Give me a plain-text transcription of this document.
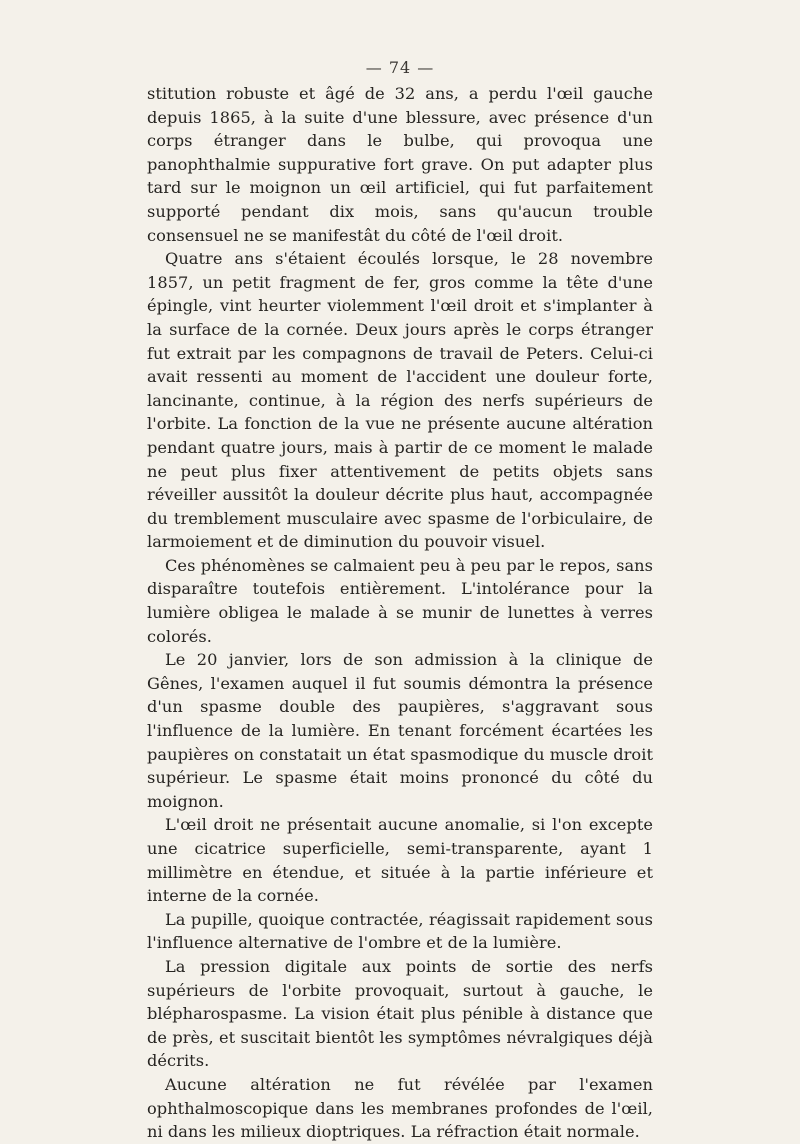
— 74 —

stitution robuste et âgé de 32 ans, a perdu l'œil gauche depuis 1865, à la suite d'une blessure, avec présence d'un corps étranger dans le bulbe, qui provoqua une panophthalmie suppurative fort grave. On put adapter plus tard sur le moignon un œil artificiel, qui fut parfaitement supporté pendant dix mois, sans qu'aucun trouble consensuel ne se manifestât du côté de l'œil droit.

Quatre ans s'étaient écoulés lorsque, le 28 novembre 1857, un petit fragment de fer, gros comme la tête d'une épingle, vint heurter violemment l'œil droit et s'implanter à la surface de la cornée. Deux jours après le corps étranger fut extrait par les compagnons de travail de Peters. Celui-ci avait ressenti au moment de l'accident une douleur forte, lancinante, continue, à la région des nerfs supérieurs de l'orbite. La fonction de la vue ne présente aucune altération pendant quatre jours, mais à partir de ce moment le malade ne peut plus fixer attentivement de petits objets sans réveiller aussitôt la douleur décrite plus haut, accompagnée du tremblement musculaire avec spasme de l'orbiculaire, de larmoiement et de diminution du pouvoir visuel.

Ces phénomènes se calmaient peu à peu par le repos, sans disparaître toutefois entièrement. L'intolérance pour la lumière obligea le malade à se munir de lunettes à verres colorés.

Le 20 janvier, lors de son admission à la clinique de Gênes, l'examen auquel il fut soumis démontra la présence d'un spasme double des paupières, s'aggravant sous l'influence de la lumière. En tenant forcément écartées les paupières on constatait un état spasmodique du muscle droit supérieur. Le spasme était moins prononcé du côté du moignon.

L'œil droit ne présentait aucune anomalie, si l'on excepte une cicatrice superficielle, semi-transparente, ayant 1 millimètre en étendue, et située à la partie inférieure et interne de la cornée.

La pupille, quoique contractée, réagissait rapidement sous l'influence alternative de l'ombre et de la lumière.

La pression digitale aux points de sortie des nerfs supérieurs de l'orbite provoquait, surtout à gauche, le blépharospasme. La vision était plus pénible à distance que de près, et suscitait bientôt les symptômes névralgiques déjà décrits.

Aucune altération ne fut révélée par l'examen ophthalmoscopique dans les membranes profondes de l'œil, ni dans les milieux dioptriques. La réfraction était normale.
